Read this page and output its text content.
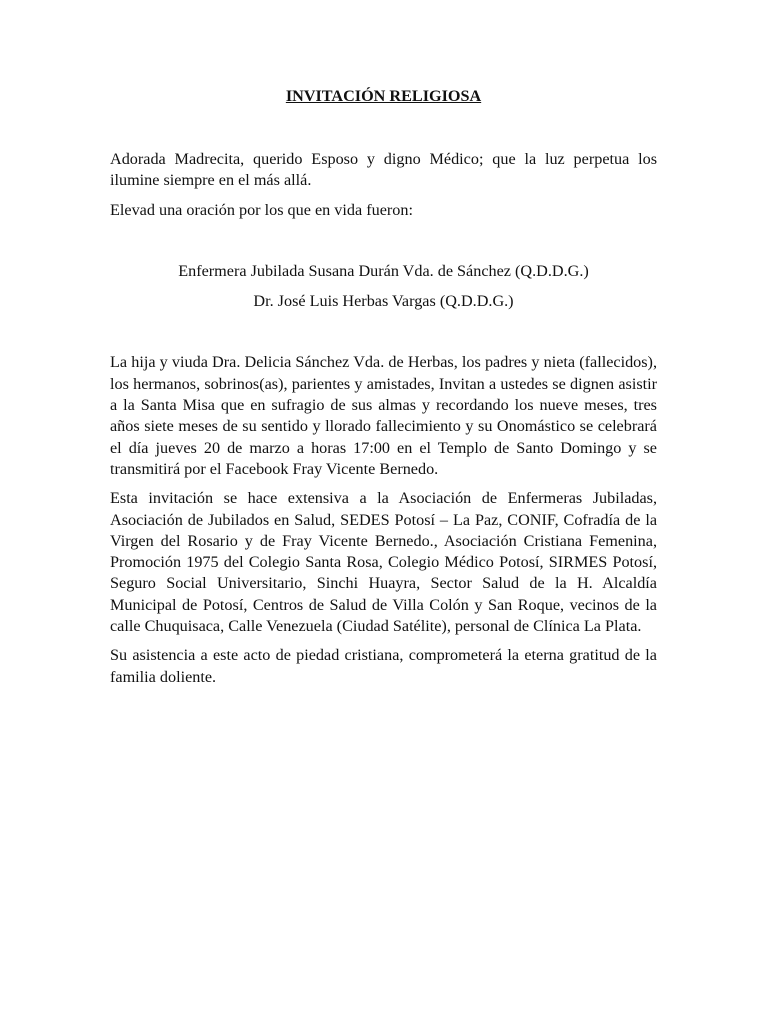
INVITACIÓN RELIGIOSA

Adorada Madrecita, querido Esposo y digno Médico; que la luz perpetua los ilumine siempre en el más allá.

Elevad una oración por los que en vida fueron:

Enfermera Jubilada Susana Durán Vda. de Sánchez (Q.D.D.G.)
Dr. José Luis Herbas Vargas (Q.D.D.G.)

La hija y viuda Dra. Delicia Sánchez Vda. de Herbas, los padres y nieta (fallecidos), los hermanos, sobrinos(as), parientes y amistades, Invitan a ustedes se dignen asistir a la Santa Misa que en sufragio de sus almas y recordando los nueve meses, tres años siete meses de su sentido y llorado fallecimiento y su Onomástico se celebrará el día jueves 20 de marzo a horas 17:00 en el Templo de Santo Domingo y se transmitirá por el Facebook Fray Vicente Bernedo.

Esta invitación se hace extensiva a la Asociación de Enfermeras Jubiladas, Asociación de Jubilados en Salud, SEDES Potosí – La Paz, CONIF, Cofradía de la Virgen del Rosario y de Fray Vicente Bernedo., Asociación Cristiana Femenina, Promoción 1975 del Colegio Santa Rosa, Colegio Médico Potosí, SIRMES Potosí, Seguro Social Universitario, Sinchi Huayra, Sector Salud de la H. Alcaldía Municipal de Potosí, Centros de Salud de Villa Colón y San Roque, vecinos de la calle Chuquisaca, Calle Venezuela (Ciudad Satélite), personal de Clínica La Plata.

Su asistencia a este acto de piedad cristiana, comprometerá la eterna gratitud de la familia doliente.
